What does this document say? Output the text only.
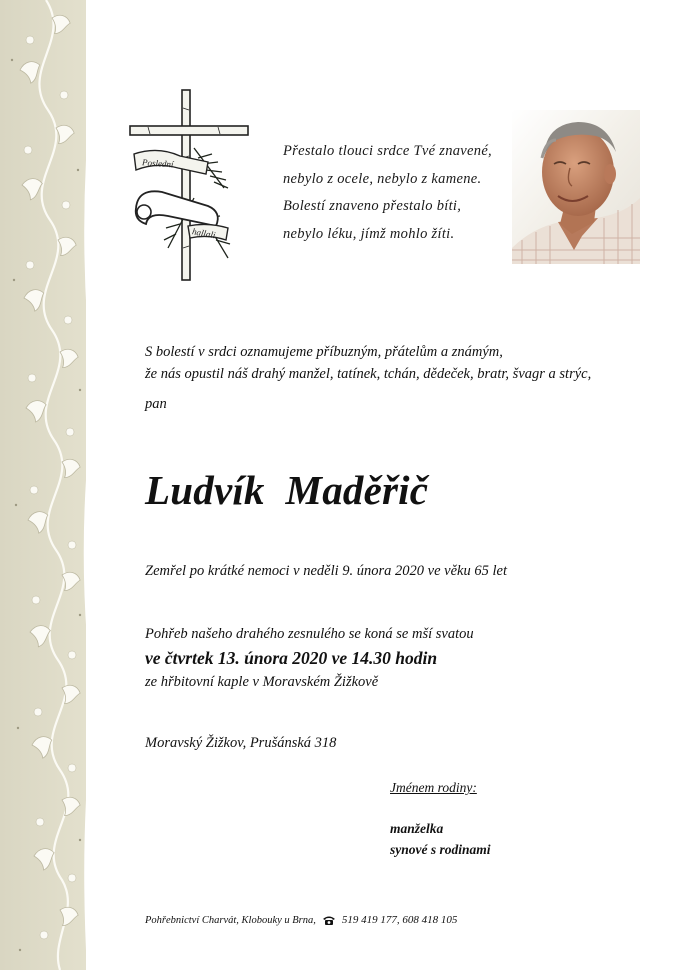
Poslední
hallali
Přestalo tlouci srdce Tvé znavené,
nebylo z ocele, nebylo z kamene.
Bolestí znaveno přestalo bíti,
nebylo léku, jímž mohlo žíti.
S bolestí v srdci oznamujeme příbuzným, přátelům a známým,
že nás opustil náš drahý manžel, tatínek, tchán, dědeček, bratr, švagr a strýc,
pan
Ludvík  Maděřič
Zemřel po krátké nemoci v neděli 9. února 2020 ve věku 65 let
Pohřeb našeho drahého zesnulého se koná se mší svatou
ve čtvrtek 13. února 2020 ve 14.30 hodin
ze hřbitovní kaple v Moravském Žižkově
Moravský Žižkov, Prušánská 318
Jménem rodiny:
manželka
synové s rodinami
Pohřebnictví Charvát, Klobouky u Brna, 519 419 177, 608 418 105
